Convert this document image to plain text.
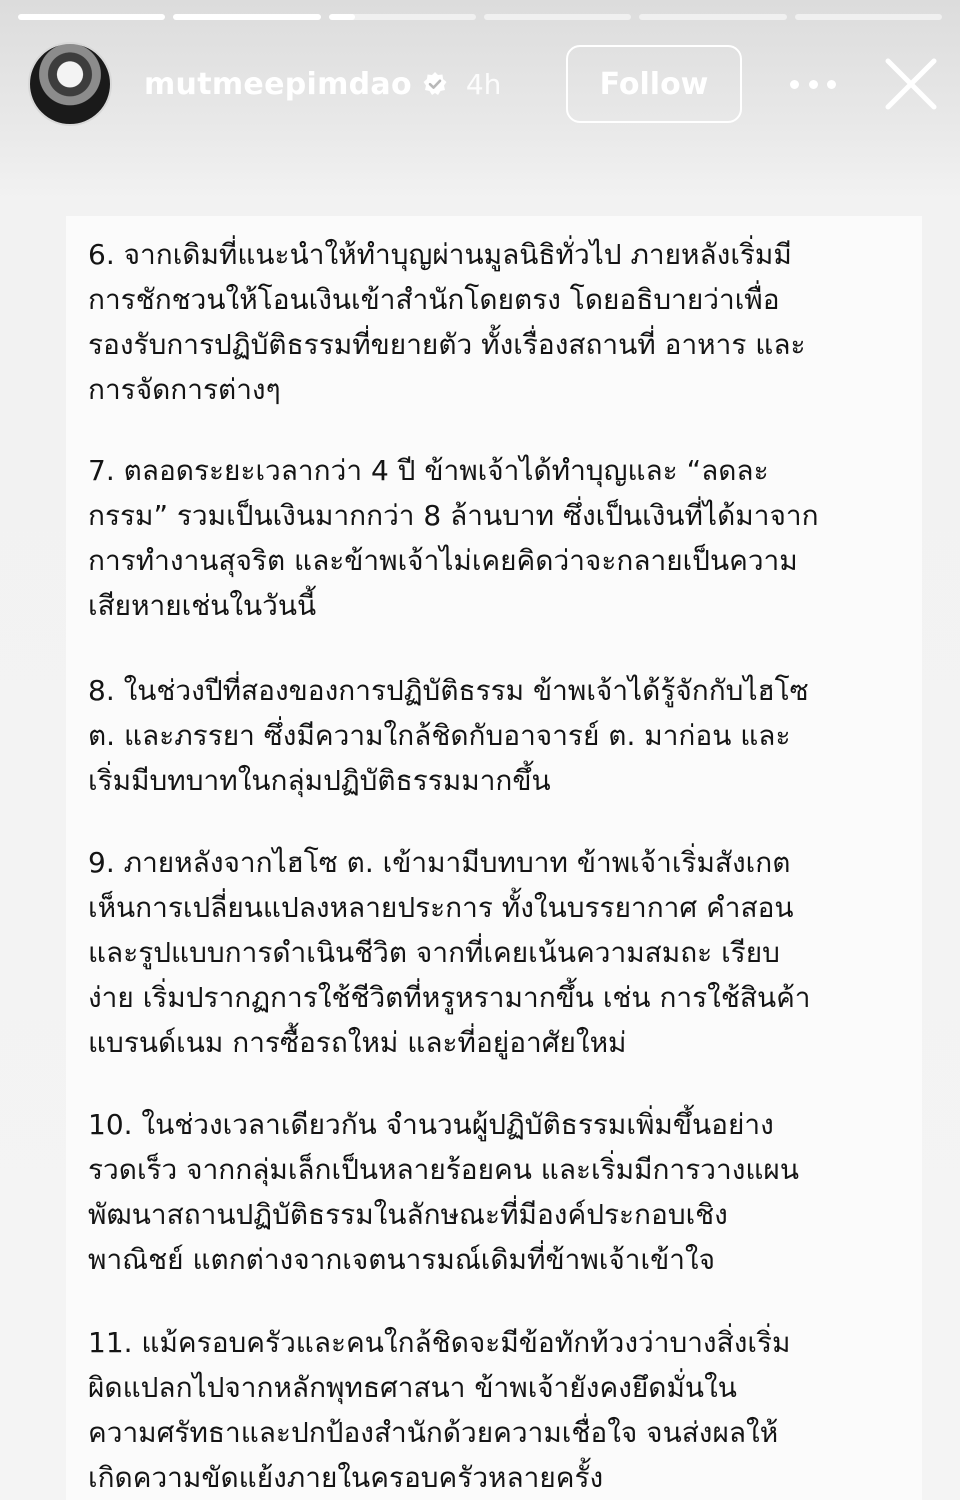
mutmeepimdao 4h	Follow

6. จากเดิมที่แนะนำให้ทำบุญผ่านมูลนิธิทั่วไป ภายหลังเริ่มมี
การชักชวนให้โอนเงินเข้าสำนักโดยตรง โดยอธิบายว่าเพื่อ
รองรับการปฏิบัติธรรมที่ขยายตัว ทั้งเรื่องสถานที่ อาหาร และ
การจัดการต่างๆ

7. ตลอดระยะเวลากว่า 4 ปี ข้าพเจ้าได้ทำบุญและ “ลดละ
กรรม” รวมเป็นเงินมากกว่า 8 ล้านบาท ซึ่งเป็นเงินที่ได้มาจาก
การทำงานสุจริต และข้าพเจ้าไม่เคยคิดว่าจะกลายเป็นความ
เสียหายเช่นในวันนี้

8. ในช่วงปีที่สองของการปฏิบัติธรรม ข้าพเจ้าได้รู้จักกับไฮโซ
ต. และภรรยา ซึ่งมีความใกล้ชิดกับอาจารย์ ต. มาก่อน และ
เริ่มมีบทบาทในกลุ่มปฏิบัติธรรมมากขึ้น

9. ภายหลังจากไฮโซ ต. เข้ามามีบทบาท ข้าพเจ้าเริ่มสังเกต
เห็นการเปลี่ยนแปลงหลายประการ ทั้งในบรรยากาศ คำสอน
และรูปแบบการดำเนินชีวิต จากที่เคยเน้นความสมถะ เรียบ
ง่าย เริ่มปรากฏการใช้ชีวิตที่หรูหรามากขึ้น เช่น การใช้สินค้า
แบรนด์เนม การซื้อรถใหม่ และที่อยู่อาศัยใหม่

10. ในช่วงเวลาเดียวกัน จำนวนผู้ปฏิบัติธรรมเพิ่มขึ้นอย่าง
รวดเร็ว จากกลุ่มเล็กเป็นหลายร้อยคน และเริ่มมีการวางแผน
พัฒนาสถานปฏิบัติธรรมในลักษณะที่มีองค์ประกอบเชิง
พาณิชย์ แตกต่างจากเจตนารมณ์เดิมที่ข้าพเจ้าเข้าใจ

11. แม้ครอบครัวและคนใกล้ชิดจะมีข้อทักท้วงว่าบางสิ่งเริ่ม
ผิดแปลกไปจากหลักพุทธศาสนา ข้าพเจ้ายังคงยึดมั่นใน
ความศรัทธาและปกป้องสำนักด้วยความเชื่อใจ จนส่งผลให้
เกิดความขัดแย้งภายในครอบครัวหลายครั้ง
